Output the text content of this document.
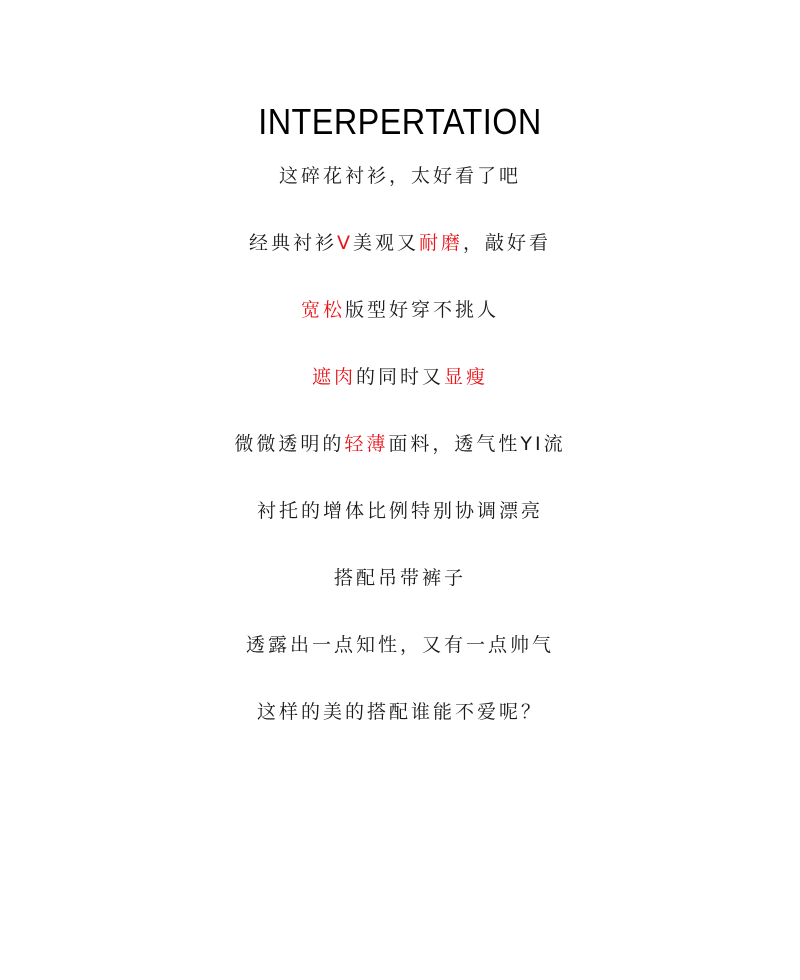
INTERPERTATION
这碎花衬衫，太好看了吧
经典衬衫V美观又耐磨，敲好看
宽松版型好穿不挑人
遮肉的同时又显瘦
微微透明的轻薄面料，透气性YI流
衬托的增体比例特别协调漂亮
搭配吊带裤子
透露出一点知性，又有一点帅气
这样的美的搭配谁能不爱呢？
